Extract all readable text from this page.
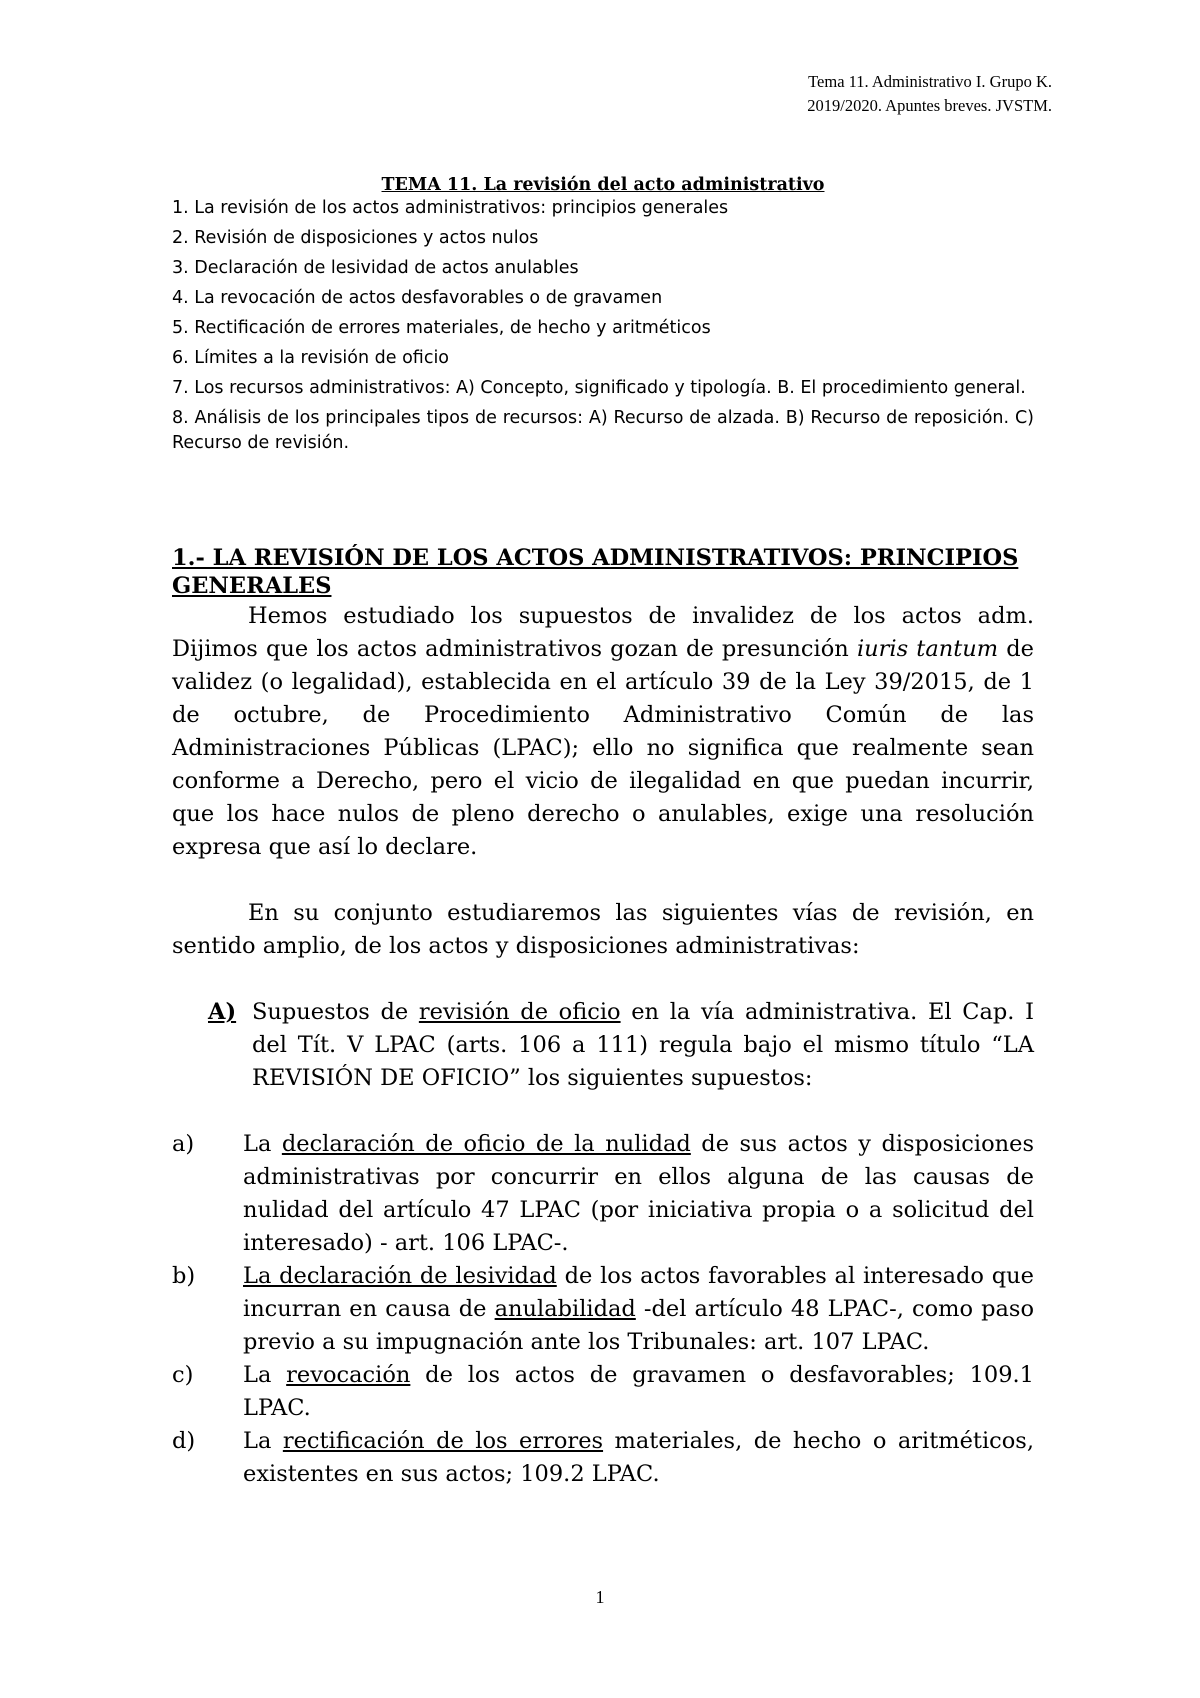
Tema 11. Administrativo I. Grupo K.
2019/2020. Apuntes breves. JVSTM.
TEMA 11. La revisión del acto administrativo
1. La revisión de los actos administrativos: principios generales
2. Revisión de disposiciones y actos nulos
3. Declaración de lesividad de actos anulables
4. La revocación de actos desfavorables o de gravamen
5. Rectificación de errores materiales, de hecho y aritméticos
6. Límites a la revisión de oficio
7. Los recursos administrativos: A) Concepto, significado y tipología. B. El procedimiento general.
8. Análisis de los principales tipos de recursos: A) Recurso de alzada. B) Recurso de reposición. C) Recurso de revisión.
1.- LA REVISIÓN DE LOS ACTOS ADMINISTRATIVOS: PRINCIPIOS GENERALES

Hemos estudiado los supuestos de invalidez de los actos adm. Dijimos que los actos administrativos gozan de presunción iuris tantum de validez (o legalidad), establecida en el artículo 39 de la Ley 39/2015, de 1 de octubre, de Procedimiento Administrativo Común de las Administraciones Públicas (LPAC); ello no significa que realmente sean conforme a Derecho, pero el vicio de ilegalidad en que puedan incurrir, que los hace nulos de pleno derecho o anulables, exige una resolución expresa que así lo declare.

En su conjunto estudiaremos las siguientes vías de revisión, en sentido amplio, de los actos y disposiciones administrativas:

A) Supuestos de revisión de oficio en la vía administrativa. El Cap. I del Tít. V LPAC (arts. 106 a 111) regula bajo el mismo título “LA REVISIÓN DE OFICIO” los siguientes supuestos:
a)	La declaración de oficio de la nulidad de sus actos y disposiciones administrativas por concurrir en ellos alguna de las causas de nulidad del artículo 47 LPAC (por iniciativa propia o a solicitud del interesado) - art. 106 LPAC-.
b)	La declaración de lesividad de los actos favorables al interesado que incurran en causa de anulabilidad -del artículo 48 LPAC-, como paso previo a su impugnación ante los Tribunales: art. 107 LPAC.
c)	La revocación de los actos de gravamen o desfavorables; 109.1 LPAC.
d)	La rectificación de los errores materiales, de hecho o aritméticos, existentes en sus actos; 109.2 LPAC.
1
